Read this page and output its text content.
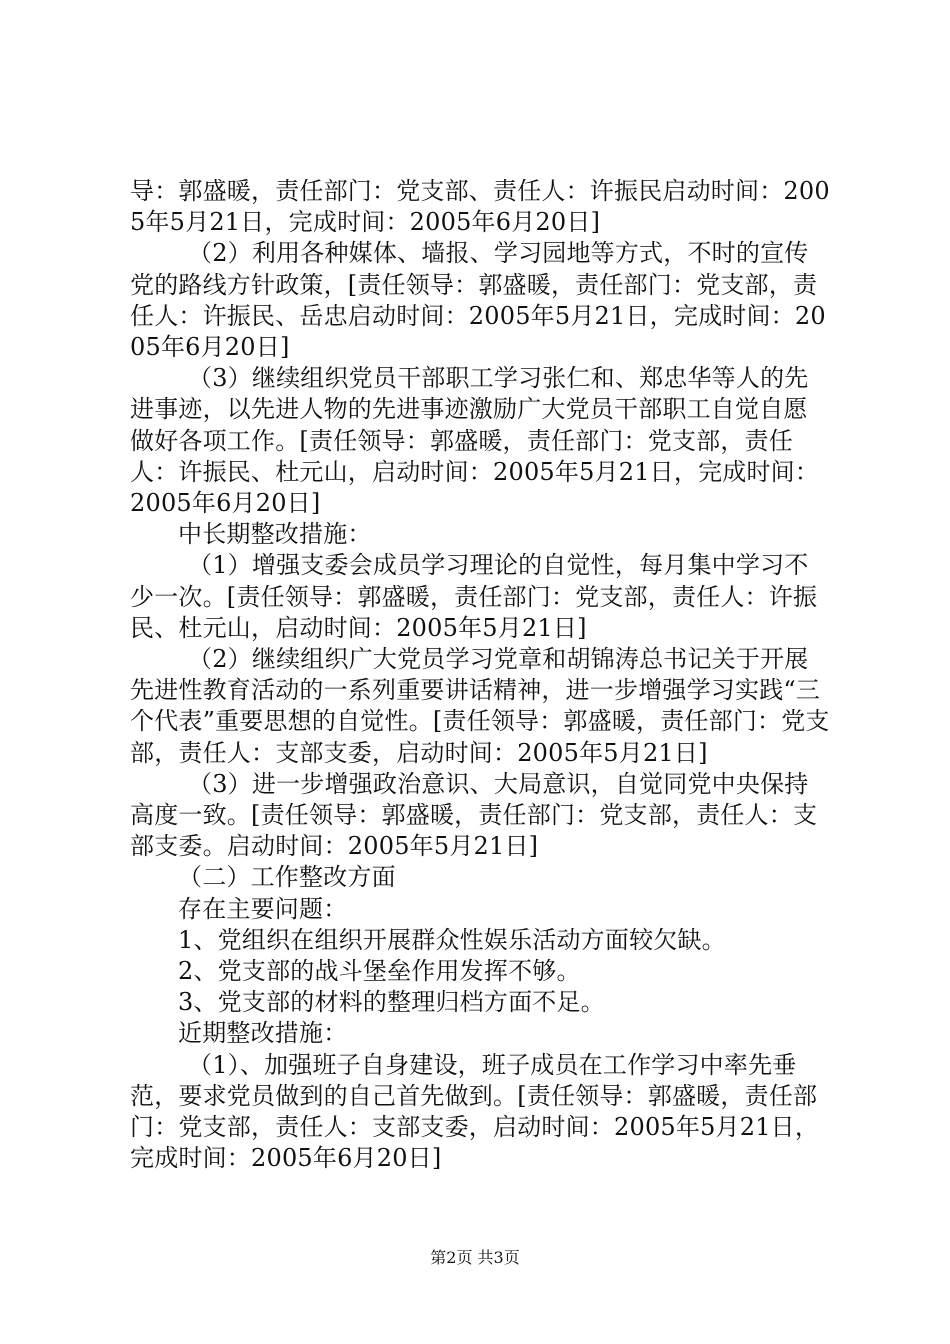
导：郭盛暖，责任部门：党支部、责任人：许振民启动时间：2005年5月21日，完成时间：2005年6月20日]

（2）利用各种媒体、墙报、学习园地等方式，不时的宣传党的路线方针政策，[责任领导：郭盛暖，责任部门：党支部，责任人：许振民、岳忠启动时间：2005年5月21日，完成时间：2005年6月20日]

（3）继续组织党员干部职工学习张仁和、郑忠华等人的先进事迹，以先进人物的先进事迹激励广大党员干部职工自觉自愿做好各项工作。[责任领导：郭盛暖，责任部门：党支部，责任人：许振民、杜元山，启动时间：2005年5月21日，完成时间：2005年6月20日]

中长期整改措施：

（1）增强支委会成员学习理论的自觉性，每月集中学习不少一次。[责任领导：郭盛暖，责任部门：党支部，责任人：许振民、杜元山，启动时间：2005年5月21日]

（2）继续组织广大党员学习党章和胡锦涛总书记关于开展先进性教育活动的一系列重要讲话精神，进一步增强学习实践“三个代表”重要思想的自觉性。[责任领导：郭盛暖，责任部门：党支部，责任人：支部支委，启动时间：2005年5月21日]

（3）进一步增强政治意识、大局意识，自觉同党中央保持高度一致。[责任领导：郭盛暖，责任部门：党支部，责任人：支部支委。启动时间：2005年5月21日]

（二）工作整改方面

存在主要问题：

1、党组织在组织开展群众性娱乐活动方面较欠缺。

2、党支部的战斗堡垒作用发挥不够。

3、党支部的材料的整理归档方面不足。

近期整改措施：

（1）、加强班子自身建设，班子成员在工作学习中率先垂范，要求党员做到的自己首先做到。[责任领导：郭盛暖，责任部门：党支部，责任人：支部支委，启动时间：2005年5月21日，完成时间：2005年6月20日]

第2页 共3页
